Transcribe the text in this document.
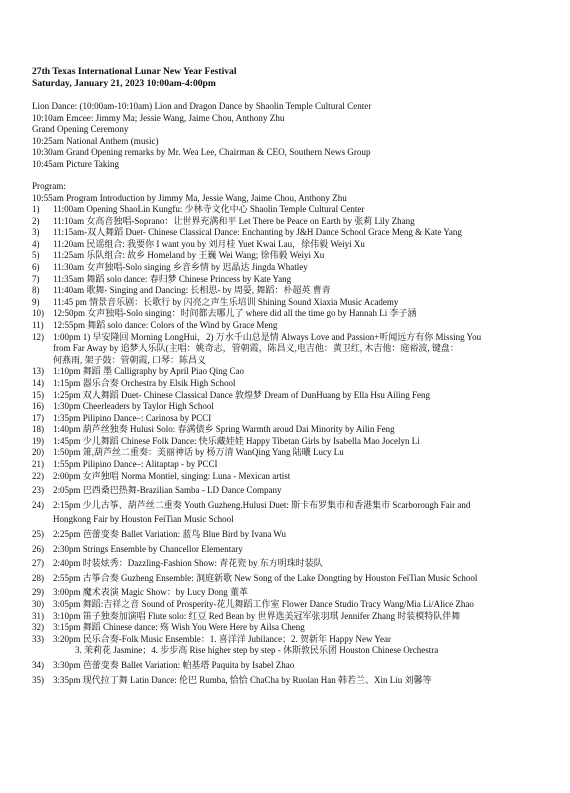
27th Texas International Lunar New Year Festival
Saturday, January 21, 2023 10:00am-4:00pm
Lion Dance: (10:00am-10:10am) Lion and Dragon Dance by Shaolin Temple Cultural Center
10:10am Emcee: Jimmy Ma; Jessie Wang, Jaime Chou, Anthony Zhu
Grand Opening Ceremony
10:25am National Anthem (music)
10:30am Grand Opening remarks by Mr. Wea Lee, Chairman & CEO, Southern News Group
10:45am Picture Taking
Program:
10:55am Program Introduction by Jimmy Ma, Jessie Wang, Jaime Chou, Anthony Zhu
1)	11:00am Opening ShaoLin Kungfu: 少林寺文化中心 Shaolin Temple Cultural Center
2)	11:10am 女高音独唱-Soprano：让世界充满和平 Let There be Peace on Earth by 张莉 Lily Zhang
3)	11:15am-双人舞蹈 Duet- Chinese Classical Dance: Enchanting by J&H Dance School Grace Meng & Kate Yang
4)	11:20am 民谣组合: 我要你 I want you by 刘月桂 Yuet Kwai Lau，徐伟毅 Weiyi Xu
5)	11:25am 乐队组合: 故乡 Homeland by 王巍 Wei Wang; 徐伟毅 Weiyi Xu
6)	11:30am 女声独唱-Solo singing 乡音乡情 by 迟晶达 Jingda Whatley
7)	11:35am 舞蹈 solo dance: 春归梦 Chinese Princess by Kate Yang
8)	11:40am 歌舞- Singing and Dancing: 长相思- by 周晏, 舞蹈：朴超英 曹青
9)	11:45 pm 情景音乐剧：长歌行 by 闪亮之声生乐培训 Shining Sound Xiaxia Music Academy
10)	12:50pm 女声独唱-Solo singing：时间都去哪儿了 where did all the time go by Hannah Li 李子涵
11)	12:55pm 舞蹈 solo dance: Colors of the Wind by Grace Meng
12)	1:00pm 1) 早安隆回 Morning LongHui，2) 万水千山总是情 Always Love and Passion+听闻远方有你 Missing You
from Far Away by 追梦人乐队(主唱：姚奇志，管朝霞，陈昌义,电吉他：黄卫红, 木吉他：庭裕波, 键盘：
何燕雨, 架子鼓：管朝霞, 口琴：陈昌义
13)	1:10pm 舞蹈 墨 Calligraphy by April Piao Qing Cao
14)	1:15pm 器乐合奏 Orchestra by Elsik High School
15)	1:25pm 双人舞蹈 Duet- Chinese Classical Dance 敦煌梦 Dream of DunHuang by Ella Hsu Ailing Feng
16)	1:30pm Cheerleaders by Taylor High School
17)	1:35pm Pilipino Dance–: Carinosa by PCCI
18)	1:40pm 葫芦丝独奏 Hulusi Solo: 春满债乡 Spring Warmth aroud Dai Minority by Ailin Feng
19)	1:45pm 少儿舞蹈 Chinese Folk Dance: 快乐藏娃娃 Happy Tibetan Girls by Isabella Mao Jocelyn Li
20)	1:50pm 箫,葫芦丝二重奏：美丽神话 by 杨万清 WanQing Yang 陆曦 Lucy Lu
21)	1:55pm Pilipino Dance–: Alitaptap - by PCCI
22)	2:00pm 女声独唱 Norma Montiel, singing: Luna - Mexican artist
23)	2:05pm 巴西桑巴热舞-Brazilian Samba - LD Dance Company
24)	2:15pm 少儿古筝、葫芦丝二重奏 Youth Guzheng.Hulusi Duet: 斯卡布罗集市和香港集市 Scarborough Fair and
Hongkong Fair by Houston FeiTian Music School
25)	2:25pm 芭蕾变奏 Ballet Variation: 蓝鸟 Blue Bird by Ivana Wu
26)	2:30pm Strings Ensemble by Chancellor Elementary
27)	2:40pm 时装炫秀：Dazzling-Fashion Show: 青花瓷 by 东方明珠时装队
28)	2:55pm 古筝合奏 Guzheng Ensemble: 洞庭新歌 New Song of the Lake Dongting by Houston FeiTian Music School
29)	3:00pm 魔术表演 Magic Show：by Lucy Dong 董革
30)	3:05pm 舞蹈:吉祥之音 Sound of Prosperity-花儿舞蹈工作室 Flower Dance Studio Tracy Wang/Mia Li/Alice Zhao
31)	3:10pm 笛子独奏加演唱 Flute solo: 红豆 Red Bean by 世界选美冠军张羽琪 Jennifer Zhang 时装模特队伴舞
32)	3:15pm 舞蹈 Chinese dance: 殇 Wish You Were Here by Ailsa Cheng
33)	3:20pm 民乐合奏-Folk Music Ensemble：1. 喜洋洋 Jubilance；2. 贺新年 Happy New Year
3. 茉莉花 Jasmine；4. 步步高 Rise higher step by step - 休斯敦民乐团 Houston Chinese Orchestra
34)	3:30pm 芭蕾变奏 Ballet Variation: 帕基塔 Paquita by Isabel Zhao
35)	3:35pm 现代拉丁舞 Latin Dance: 伦巴 Rumba, 恰恰 ChaCha by Ruolan Han 韩若兰、Xin Liu 刘馨等
